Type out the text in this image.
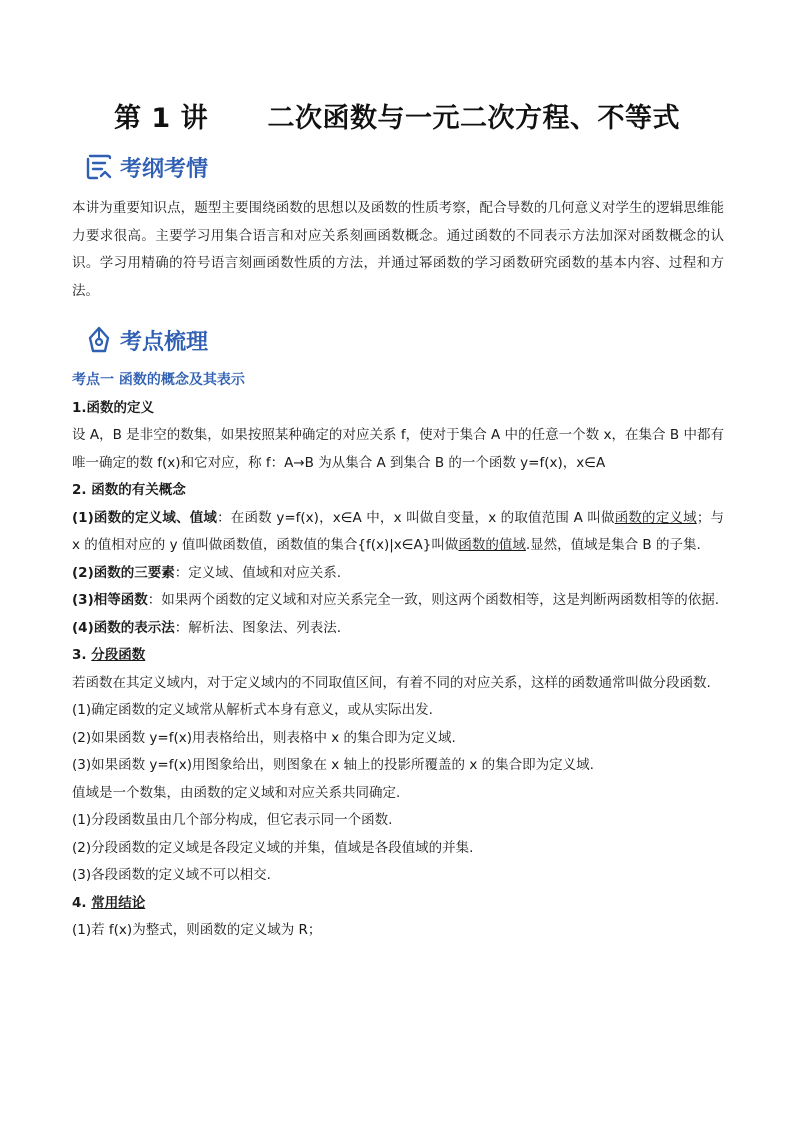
第 1 讲      二次函数与一元二次方程、不等式
考纲考情

本讲为重要知识点，题型主要围绕函数的思想以及函数的性质考察，配合导数的几何意义对学生的逻辑思维能力要求很高。主要学习用集合语言和对应关系刻画函数概念。通过函数的不同表示方法加深对函数概念的认识。学习用精确的符号语言刻画函数性质的方法，并通过幂函数的学习函数研究函数的基本内容、过程和方法。

考点梳理

考点一 函数的概念及其表示

1.函数的定义

设 A，B 是非空的数集，如果按照某种确定的对应关系 f，使对于集合 A 中的任意一个数 x，在集合 B 中都有唯一确定的数 f(x)和它对应，称 f：A→B 为从集合 A 到集合 B 的一个函数 y=f(x)，x∈A

2. 函数的有关概念

(1)函数的定义域、值域：在函数 y=f(x)，x∈A 中，x 叫做自变量，x 的取值范围 A 叫做函数的定义域；与 x 的值相对应的 y 值叫做函数值，函数值的集合{f(x)|x∈A}叫做函数的值域.显然，值域是集合 B 的子集.

(2)函数的三要素：定义域、值域和对应关系.

(3)相等函数：如果两个函数的定义域和对应关系完全一致，则这两个函数相等，这是判断两函数相等的依据.

(4)函数的表示法：解析法、图象法、列表法.

3. 分段函数

若函数在其定义域内，对于定义域内的不同取值区间，有着不同的对应关系，这样的函数通常叫做分段函数.

(1)确定函数的定义域常从解析式本身有意义，或从实际出发.

(2)如果函数 y=f(x)用表格给出，则表格中 x 的集合即为定义域.

(3)如果函数 y=f(x)用图象给出，则图象在 x 轴上的投影所覆盖的 x 的集合即为定义域.

值域是一个数集，由函数的定义域和对应关系共同确定.

(1)分段函数虽由几个部分构成，但它表示同一个函数.

(2)分段函数的定义域是各段定义域的并集，值域是各段值域的并集.

(3)各段函数的定义域不可以相交.

4. 常用结论

(1)若 f(x)为整式，则函数的定义域为 R；
